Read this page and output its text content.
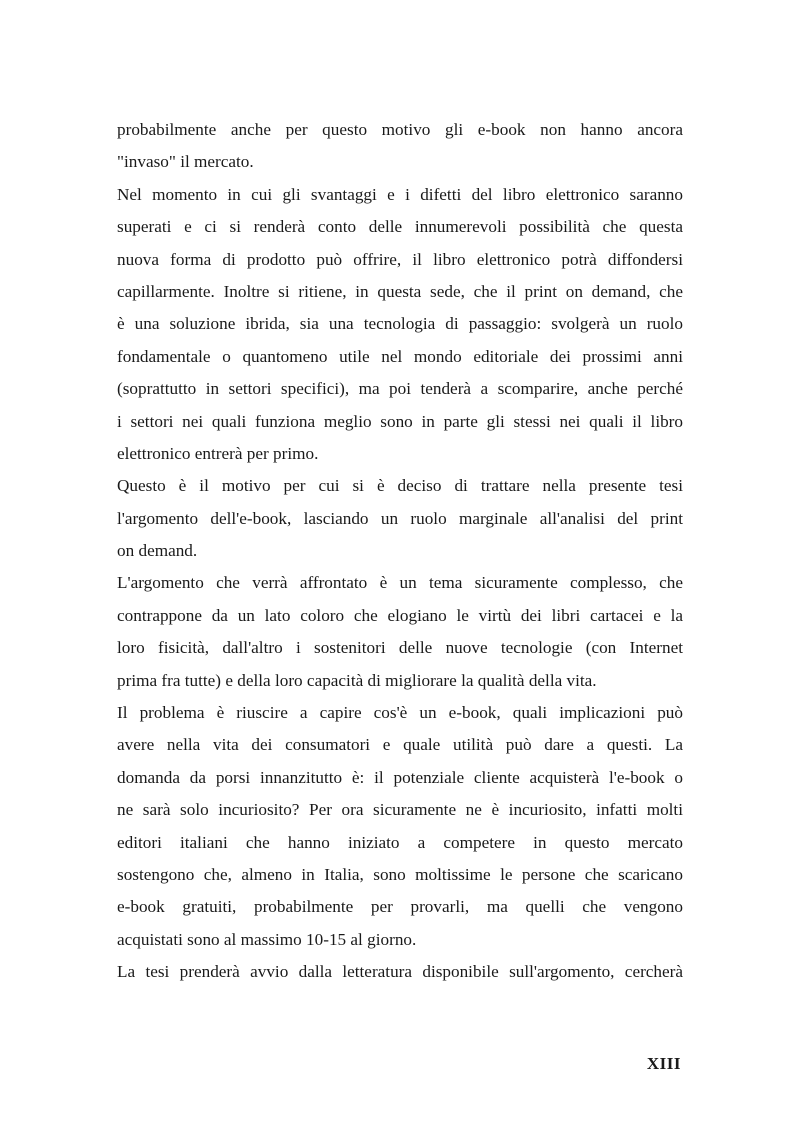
probabilmente anche per questo motivo gli e-book non hanno ancora
"invaso" il mercato.
Nel momento in cui gli svantaggi e i difetti del libro elettronico saranno
superati e ci si renderà conto delle innumerevoli possibilità che questa
nuova forma di prodotto può offrire, il libro elettronico potrà diffondersi
capillarmente. Inoltre si ritiene, in questa sede, che il print on demand, che
è una soluzione ibrida, sia una tecnologia di passaggio: svolgerà un ruolo
fondamentale o quantomeno utile nel mondo editoriale dei prossimi anni
(soprattutto in settori specifici), ma poi tenderà a scomparire, anche perché
i settori nei quali funziona meglio sono in parte gli stessi nei quali il libro
elettronico entrerà per primo.
Questo è il motivo per cui si è deciso di trattare nella presente tesi
l'argomento dell'e-book, lasciando un ruolo marginale all'analisi del print
on demand.
L'argomento che verrà affrontato è un tema sicuramente complesso, che
contrappone da un lato coloro che elogiano le virtù dei libri cartacei e la
loro fisicità, dall'altro i sostenitori delle nuove tecnologie (con Internet
prima fra tutte) e della loro capacità di migliorare la qualità della vita.
Il problema è riuscire a capire cos'è un e-book, quali implicazioni può
avere nella vita dei consumatori e quale utilità può dare a questi. La
domanda da porsi innanzitutto è: il potenziale cliente acquisterà l'e-book o
ne sarà solo incuriosito? Per ora sicuramente ne è incuriosito, infatti molti
editori italiani che hanno iniziato a competere in questo mercato
sostengono che, almeno in Italia, sono moltissime le persone che scaricano
e-book gratuiti, probabilmente per provarli, ma quelli che vengono
acquistati sono al massimo 10-15 al giorno.
La tesi prenderà avvio dalla letteratura disponibile sull'argomento, cercherà
XIII
